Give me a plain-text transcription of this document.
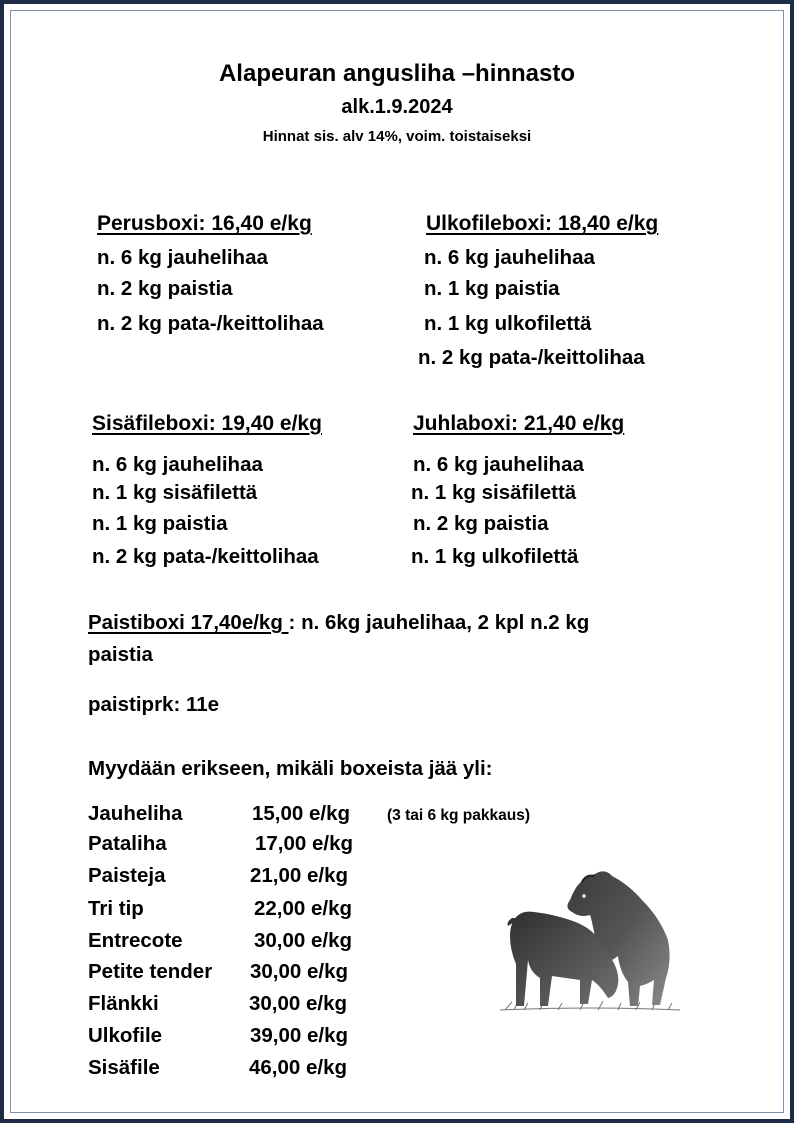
Alapeuran angusliha –hinnasto
alk.1.9.2024
Hinnat sis. alv 14%, voim. toistaiseksi
Perusboxi: 16,40 e/kg
n. 6 kg jauhelihaa
n. 2 kg paistia
n. 2 kg pata-/keittolihaa
Ulkofileboxi: 18,40 e/kg
n. 6 kg jauhelihaa
n. 1 kg paistia
n. 1 kg ulkofilettä
n. 2 kg pata-/keittolihaa
Sisäfileboxi: 19,40 e/kg
n. 6 kg jauhelihaa
n. 1 kg sisäfilettä
n. 1 kg paistia
n. 2 kg pata-/keittolihaa
Juhlaboxi: 21,40 e/kg
n. 6 kg jauhelihaa
n. 1 kg sisäfilettä
n. 2 kg paistia
n. 1 kg ulkofilettä
Paistiboxi 17,40e/kg : n. 6kg jauhelihaa, 2 kpl n.2 kg
paistia
paistiprk: 11e
Myydään erikseen, mikäli boxeista jää yli:
Jauheliha	15,00 e/kg (3 tai 6 kg pakkaus)
Pataliha	17,00 e/kg
Paisteja	21,00 e/kg
Tri tip	22,00 e/kg
Entrecote	30,00 e/kg
Petite tender 30,00 e/kg
Flänkki	30,00 e/kg
Ulkofile	39,00 e/kg
Sisäfile	46,00 e/kg
